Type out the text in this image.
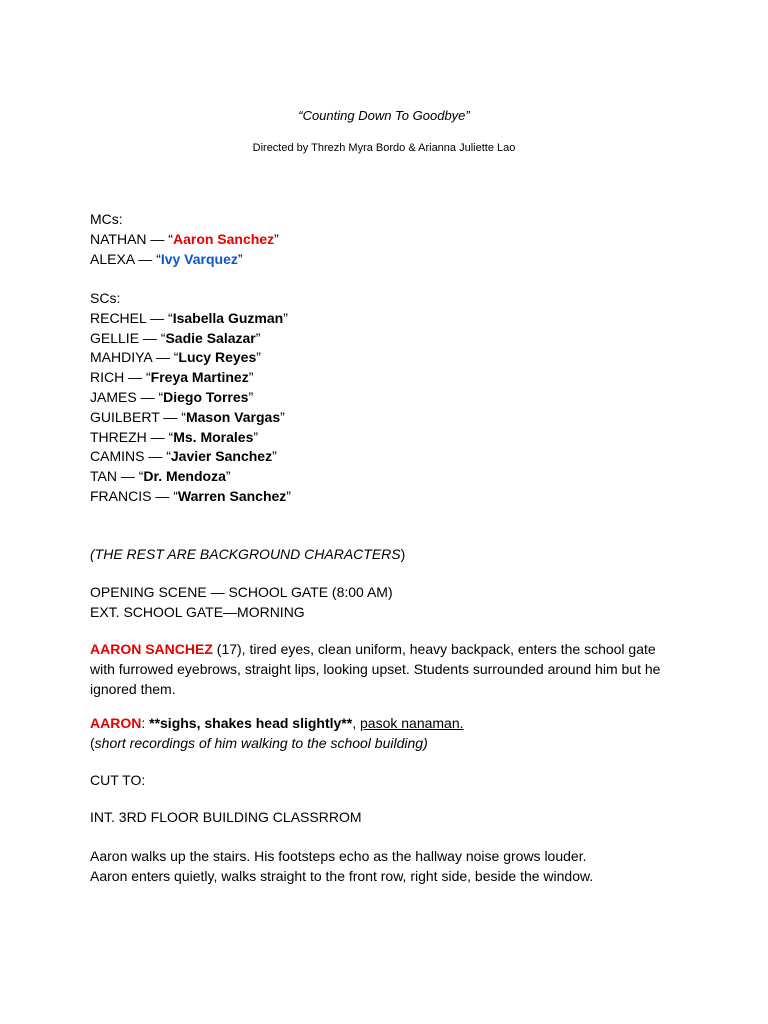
“Counting Down To Goodbye”
Directed by Threzh Myra Bordo & Arianna Juliette Lao
MCs:
NATHAN — “Aaron Sanchez”
ALEXA — “Ivy Varquez”
SCs:
RECHEL — “Isabella Guzman”
GELLIE — “Sadie Salazar”
MAHDIYA — “Lucy Reyes”
RICH — “Freya Martinez”
JAMES — “Diego Torres”
GUILBERT — “Mason Vargas”
THREZH — “Ms. Morales”
CAMINS — “Javier Sanchez”
TAN — “Dr. Mendoza”
FRANCIS — “Warren Sanchez”
(THE REST ARE BACKGROUND CHARACTERS)
OPENING SCENE — SCHOOL GATE (8:00 AM)
EXT. SCHOOL GATE—MORNING
AARON SANCHEZ (17), tired eyes, clean uniform, heavy backpack, enters the school gate with furrowed eyebrows, straight lips, looking upset. Students surrounded around him but he ignored them.
AARON: **sighs, shakes head slightly**, pasok nanaman.
(short recordings of him walking to the school building)
CUT TO:
INT. 3RD FLOOR BUILDING CLASSRROM
Aaron walks up the stairs. His footsteps echo as the hallway noise grows louder.
Aaron enters quietly, walks straight to the front row, right side, beside the window.
